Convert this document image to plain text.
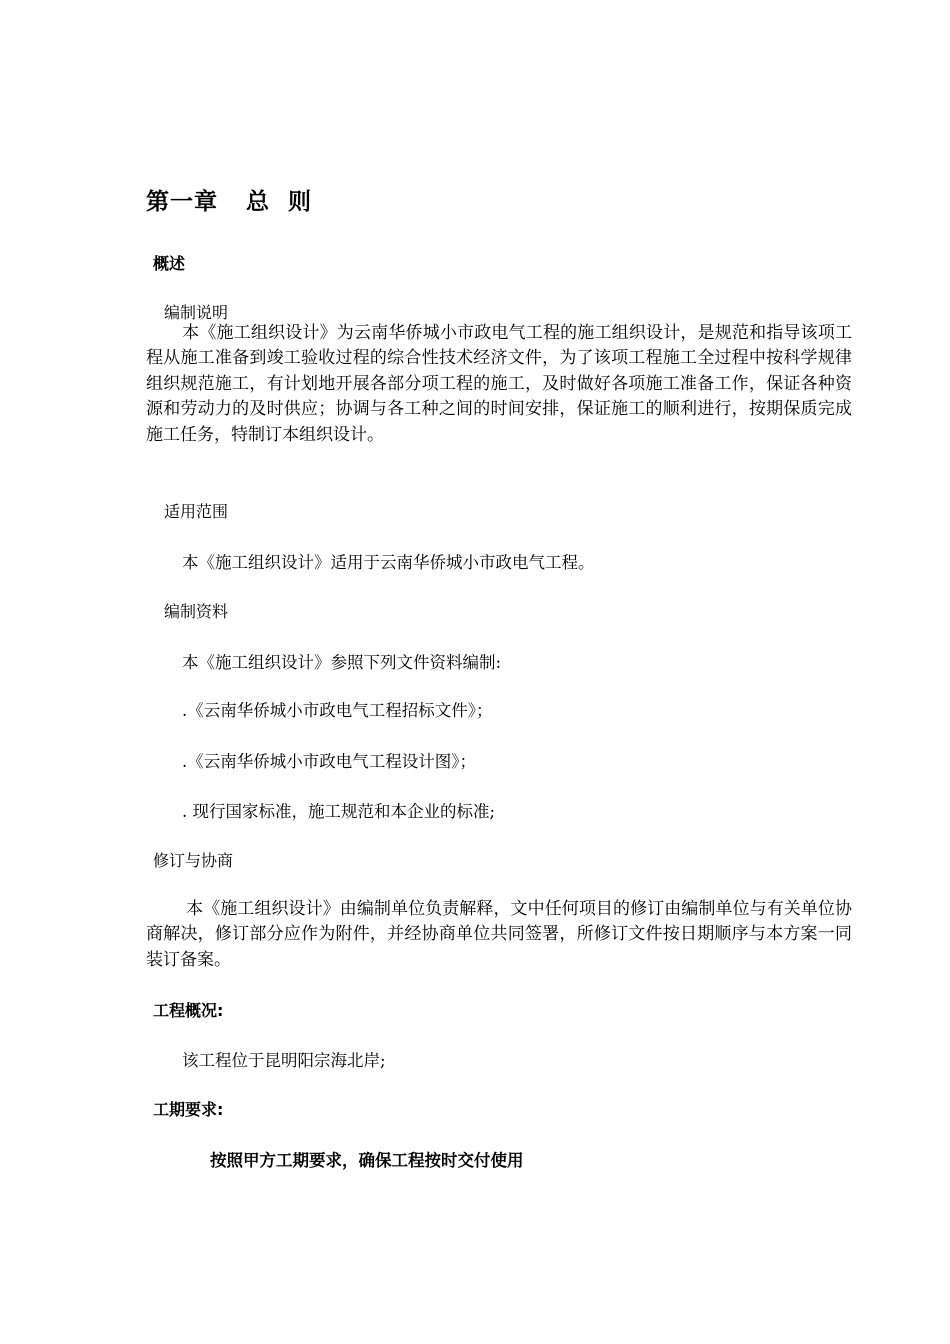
第一章 总  则
概述
编制说明

本《施工组织设计》为云南华侨城小市政电气工程的施工组织设计，是规范和指导该项工程从施工准备到竣工验收过程的综合性技术经济文件，为了该项工程施工全过程中按科学规律组织规范施工，有计划地开展各部分项工程的施工，及时做好各项施工准备工作，保证各种资源和劳动力的及时供应；协调与各工种之间的时间安排，保证施工的顺利进行，按期保质完成施工任务，特制订本组织设计。

适用范围
本《施工组织设计》适用于云南华侨城小市政电气工程。
编制资料
本《施工组织设计》参照下列文件资料编制:
.《云南华侨城小市政电气工程招标文件》；
.《云南华侨城小市政电气工程设计图》；
. 现行国家标准，施工规范和本企业的标准;
修订与协商

本《施工组织设计》由编制单位负责解释，文中任何项目的修订由编制单位与有关单位协商解决，修订部分应作为附件，并经协商单位共同签署，所修订文件按日期顺序与本方案一同装订备案。

工程概况:
该工程位于昆明阳宗海北岸;
工期要求:
按照甲方工期要求，确保工程按时交付使用
